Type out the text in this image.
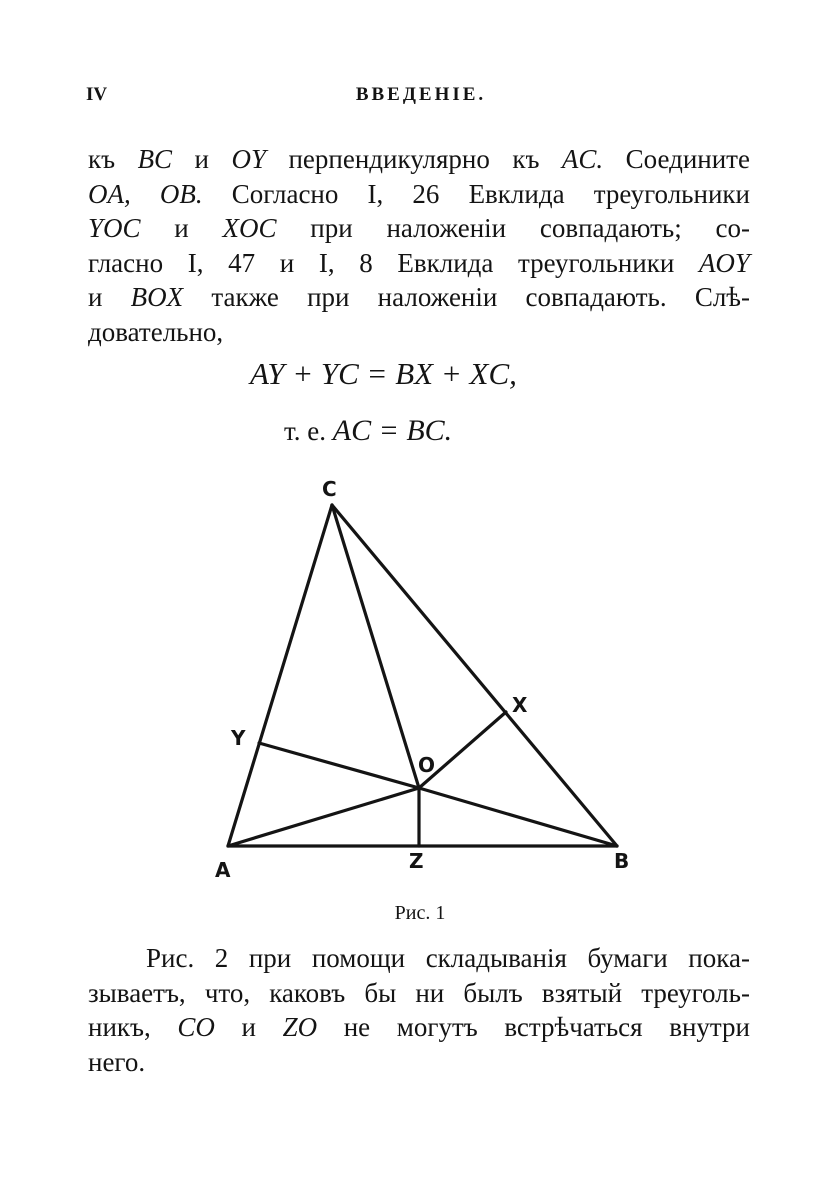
IV	ВВЕДЕНІЕ.
къ BC и OY перпендикулярно къ AC. Соедините
OA, OB. Согласно I, 26 Евклида треугольники
YOC и XOC при наложеніи совпадають; со-
гласно I, 47 и I, 8 Евклида треугольники AOY
и BOX также при наложеніи совпадають. Слѣ-
довательно,
AY + YC = BX + XC,
т. е. AC = BC.
C
A	B
X
Y
O
Z
Рис. 1
Рис. 2 при помощи складыванія бумаги пока-
зываетъ, что, каковъ бы ни былъ взятый треуголь-
никъ, CO и ZO не могутъ встрѣчаться внутри
него.
